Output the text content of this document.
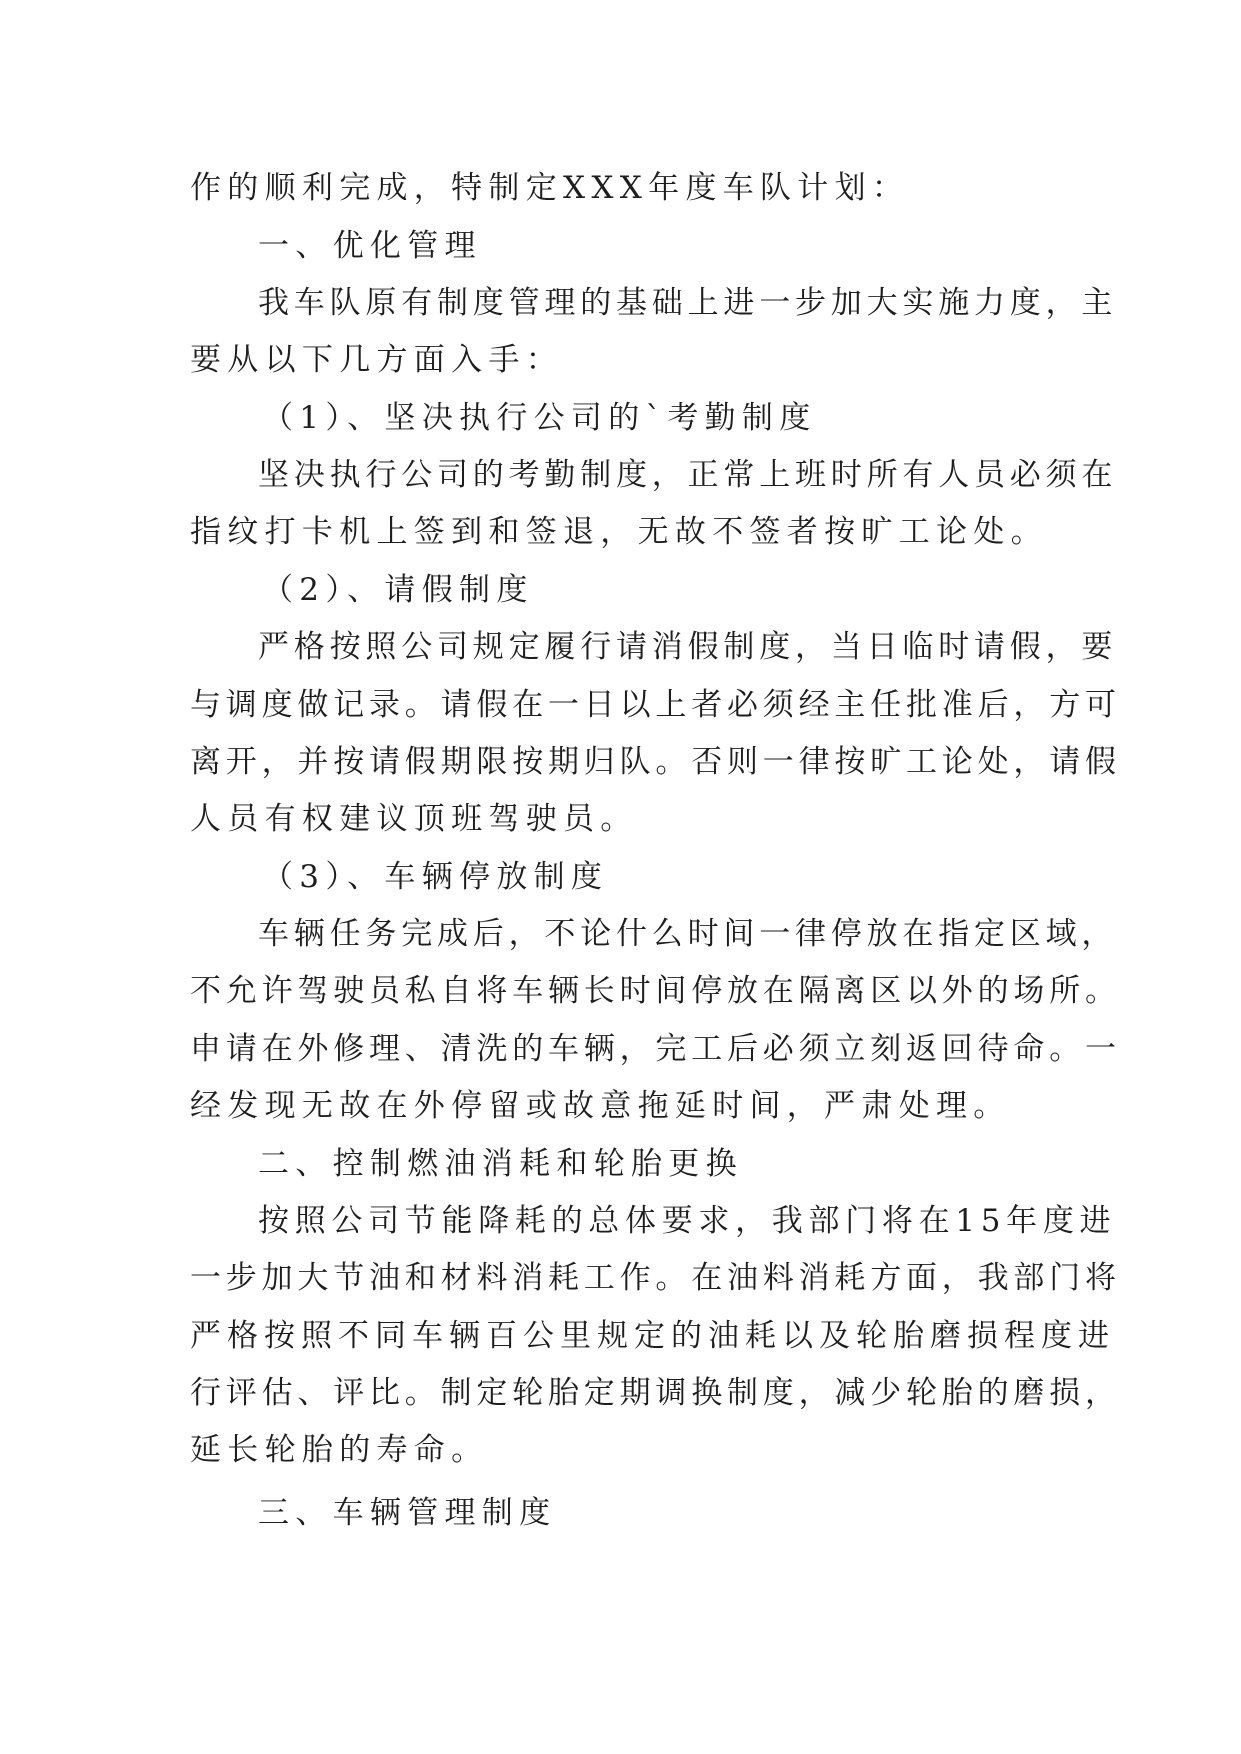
作的顺利完成，特制定XXX年度车队计划：
一、优化管理
我车队原有制度管理的基础上进一步加大实施力度，主
要从以下几方面入手：
（1）、坚决执行公司的`考勤制度
坚决执行公司的考勤制度，正常上班时所有人员必须在
指纹打卡机上签到和签退，无故不签者按旷工论处。
（2）、请假制度
严格按照公司规定履行请消假制度，当日临时请假，要
与调度做记录。请假在一日以上者必须经主任批准后，方可
离开，并按请假期限按期归队。否则一律按旷工论处，请假
人员有权建议顶班驾驶员。
（3）、车辆停放制度
车辆任务完成后，不论什么时间一律停放在指定区域，
不允许驾驶员私自将车辆长时间停放在隔离区以外的场所。
申请在外修理、清洗的车辆，完工后必须立刻返回待命。一
经发现无故在外停留或故意拖延时间，严肃处理。
二、控制燃油消耗和轮胎更换
按照公司节能降耗的总体要求，我部门将在15年度进
一步加大节油和材料消耗工作。在油料消耗方面，我部门将
严格按照不同车辆百公里规定的油耗以及轮胎磨损程度进
行评估、评比。制定轮胎定期调换制度，减少轮胎的磨损，
延长轮胎的寿命。
三、车辆管理制度
